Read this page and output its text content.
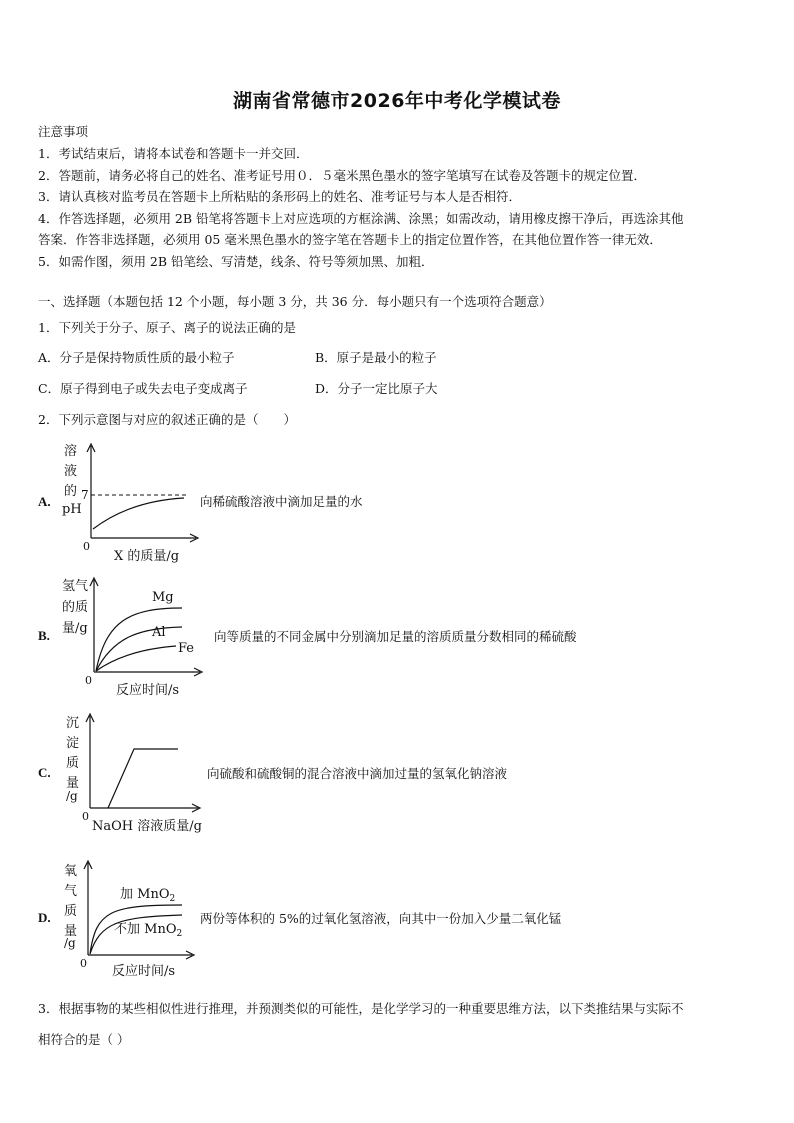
湖南省常德市2026年中考化学模试卷
注意事项
1．考试结束后，请将本试卷和答题卡一并交回．
2．答题前，请务必将自己的姓名、准考证号用０．５毫米黑色墨水的签字笔填写在试卷及答题卡的规定位置．
3．请认真核对监考员在答题卡上所粘贴的条形码上的姓名、准考证号与本人是否相符．
4．作答选择题，必须用 2B 铅笔将答题卡上对应选项的方框涂满、涂黑；如需改动，请用橡皮擦干净后，再选涂其他
答案．作答非选择题，必须用 05 毫米黑色墨水的签字笔在答题卡上的指定位置作答，在其他位置作答一律无效．
5．如需作图，须用 2B 铅笔绘、写清楚，线条、符号等须加黑、加粗．
一、选择题（本题包括 12 个小题，每小题 3 分，共 36 分．每小题只有一个选项符合题意）
1．下列关于分子、原子、离子的说法正确的是
A．分子是保持物质性质的最小粒子	B．原子是最小的粒子
C．原子得到电子或失去电子变成离子	D．分子一定比原子大
2．下列示意图与对应的叙述正确的是（　　）
A.
溶
液
的
pH
7
0
X 的质量/g
向稀硫酸溶液中滴加足量的水
B.
氢气
的质
量/g
Mg
Al
Fe
0
反应时间/s
向等质量的不同金属中分别滴加足量的溶质质量分数相同的稀硫酸
C.
沉
淀
质
量
/g
0
NaOH 溶液质量/g
向硫酸和硫酸铜的混合溶液中滴加过量的氢氧化钠溶液
D.
氧
气
质
量
/g
加 MnO$_2$
不加 MnO$_2$
0
反应时间/s
两份等体积的 5%的过氧化氢溶液，向其中一份加入少量二氧化锰
3．根据事物的某些相似性进行推理，并预测类似的可能性，是化学学习的一种重要思维方法，以下类推结果与实际不
相符合的是（ ）
